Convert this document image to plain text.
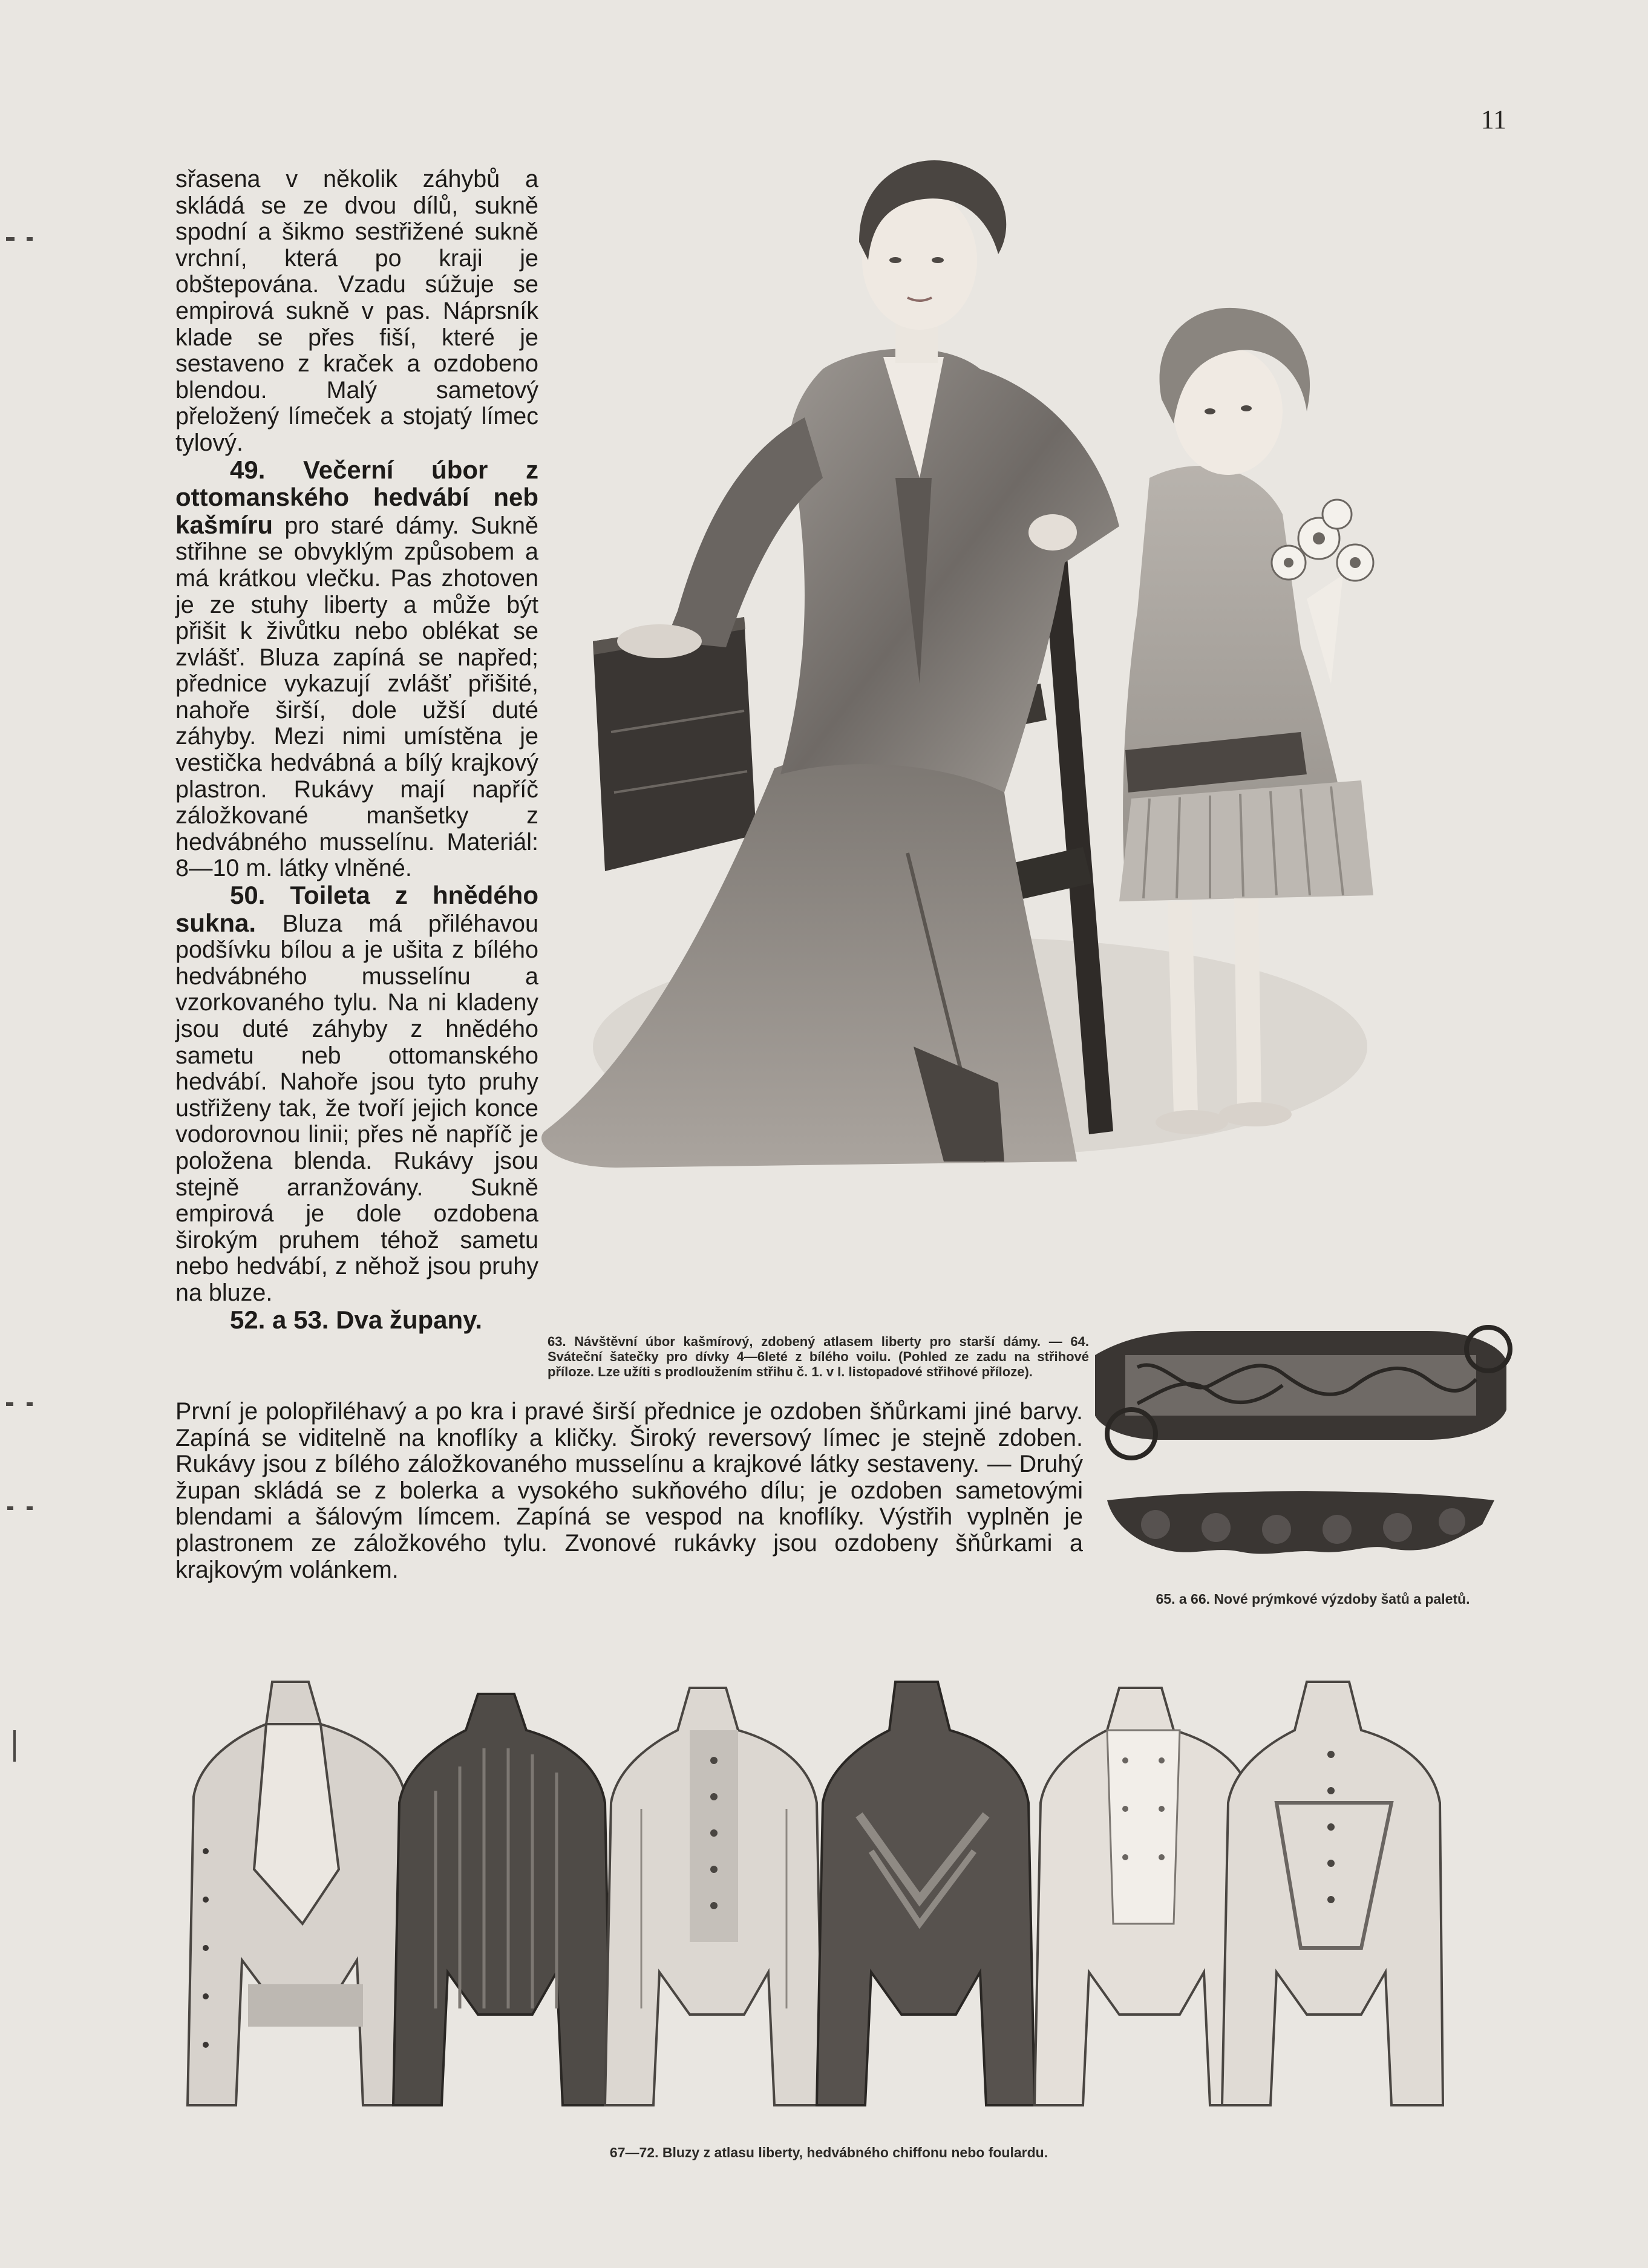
11

sřasena v několik záhybů a skládá se ze dvou dílů, sukně spodní a šikmo sestřižené sukně vrchní, která po kraji je obštepována. Vzadu súžuje se empirová sukně v pas. Náprsník klade se přes fiší, které je sestaveno z kraček a ozdobeno blendou. Malý sametový přeložený límeček a stojatý límec tylový.

49. Večerní úbor z ottomanského hedvábí neb kašmíru pro staré dámy. Sukně střihne se obvyklým způsobem a má krátkou vlečku. Pas zhotoven je ze stuhy liberty a může být přišit k živůtku nebo oblékat se zvlášť. Bluza zapíná se napřed; přednice vykazují zvlášť přišité, nahoře širší, dole užší duté záhyby. Mezi nimi umístěna je vestička hedvábná a bílý krajkový plastron. Rukávy mají napříč záložkované manšetky z hedvábného musselínu. Materiál: 8—10 m. látky vlněné.

50. Toileta z hnědého sukna. Bluza má přiléhavou podšívku bílou a je ušita z bílého hedvábného musselínu a vzorkovaného tylu. Na ni kladeny jsou duté záhyby z hnědého sametu neb ottomanského hedvábí. Nahoře jsou tyto pruhy ustřiženy tak, že tvoří jejich konce vodorovnou linii; přes ně napříč je položena blenda. Rukávy jsou stejně arranžovány. Sukně empirová je dole ozdobena širokým pruhem téhož sametu nebo hedvábí, z něhož jsou pruhy na bluze.

52. a 53. Dva župany.

První je polopřiléhavý a po kra i pravé širší přednice je ozdoben šňůrkami jiné barvy. Zapíná se viditelně na knoflíky a kličky. Široký reversový límec je stejně zdoben. Rukávy jsou z bílého záložkovaného musselínu a krajkové látky sestaveny. — Druhý župan skládá se z bolerka a vysokého sukňového dílu; je ozdoben sametovými blendami a šálovým límcem. Zapíná se vespod na knoflíky. Výstřih vyplněn je plastronem ze záložkového tylu. Zvonové rukávky jsou ozdobeny šňůrkami a krajkovým volánkem.

63. Návštěvní úbor kašmírový, zdobený atlasem liberty pro starší dámy. — 64. Sváteční šatečky pro dívky 4—6leté z bílého voilu. (Pohled ze zadu na střihové příloze. Lze užíti s prodloužením střihu č. 1. v I. listopadové střihové příloze).
65. a 66. Nové prýmkové výzdoby šatů a paletů.
67—72. Bluzy z atlasu liberty, hedvábného chiffonu nebo foulardu.
